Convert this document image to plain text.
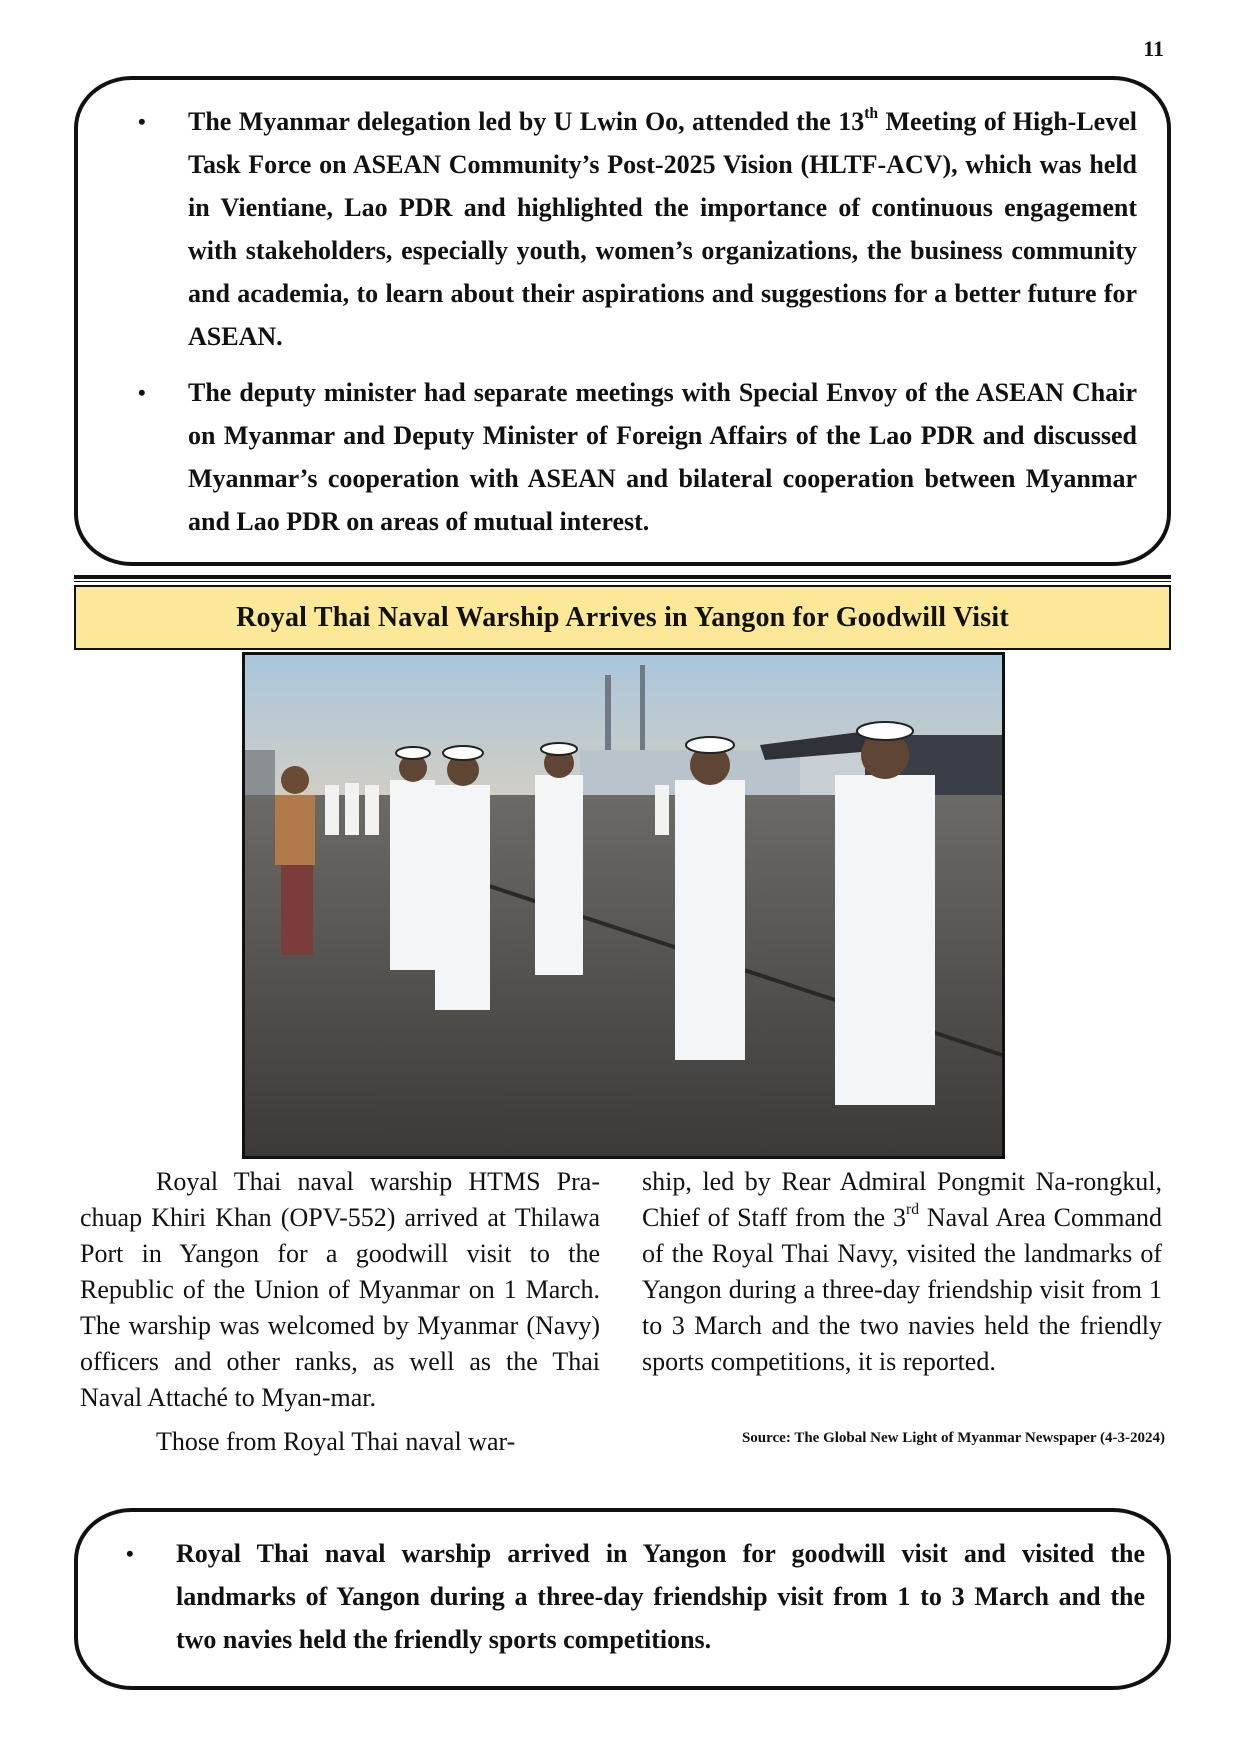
11
• The Myanmar delegation led by U Lwin Oo, attended the 13th Meeting of High-Level Task Force on ASEAN Community’s Post-2025 Vision (HLTF-ACV), which was held in Vientiane, Lao PDR and highlighted the importance of continuous engagement with stakeholders, especially youth, women’s organizations, the business community and academia, to learn about their aspirations and suggestions for a better future for ASEAN.
• The deputy minister had separate meetings with Special Envoy of the ASEAN Chair on Myanmar and Deputy Minister of Foreign Affairs of the Lao PDR and discussed Myanmar’s cooperation with ASEAN and bilateral cooperation between Myanmar and Lao PDR on areas of mutual interest.
Royal Thai Naval Warship Arrives in Yangon for Goodwill Visit

Royal Thai naval warship HTMS Pra-chuap Khiri Khan (OPV-552) arrived at Thilawa Port in Yangon for a goodwill visit to the Republic of the Union of Myanmar on 1 March. The warship was welcomed by Myanmar (Navy) officers and other ranks, as well as the Thai Naval Attaché to Myan-mar.

Those from Royal Thai naval war-

ship, led by Rear Admiral Pongmit Na-rongkul, Chief of Staff from the 3rd Naval Area Command of the Royal Thai Navy, visited the landmarks of Yangon during a three-day friendship visit from 1 to 3 March and the two navies held the friendly sports competitions, it is reported.

Source: The Global New Light of Myanmar Newspaper (4-3-2024)
• Royal Thai naval warship arrived in Yangon for goodwill visit and visited the landmarks of Yangon during a three-day friendship visit from 1 to 3 March and the two navies held the friendly sports competitions.
